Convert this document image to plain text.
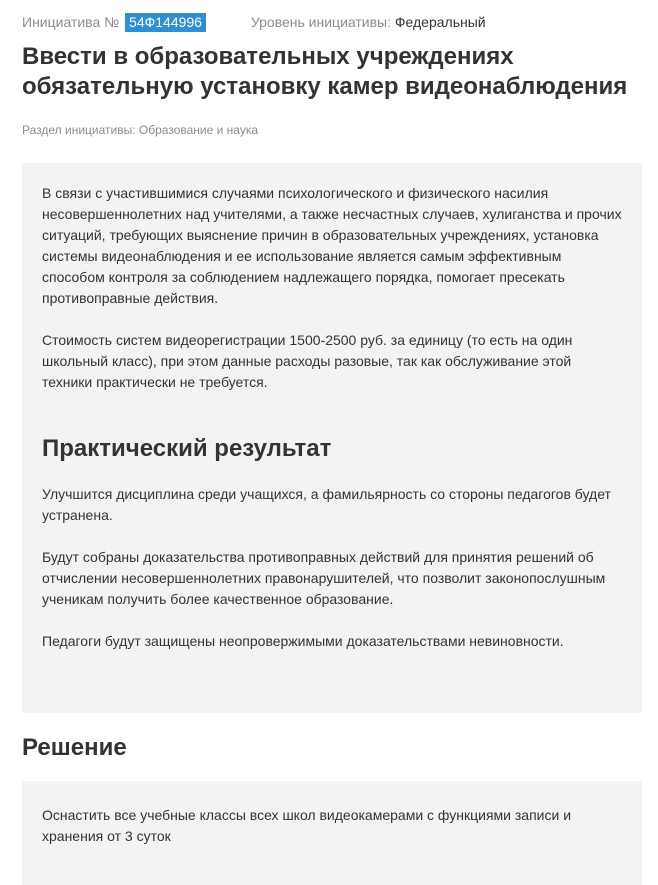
Инициатива № 54Ф144996	Уровень инициативы: Федеральный
Ввести в образовательных учреждениях обязательную установку камер видеонаблюдения
Раздел инициативы: Образование и наука

В связи с участившимися случаями психологического и физического насилия несовершеннолетних над учителями, а также несчастных случаев, хулиганства и прочих ситуаций, требующих выяснение причин в образовательных учреждениях, установка системы видеонаблюдения и ее использование является самым эффективным способом контроля за соблюдением надлежащего порядка, помогает пресекать противоправные действия.

Стоимость систем видеорегистрации 1500-2500 руб. за единицу (то есть на один школьный класс), при этом данные расходы разовые, так как обслуживание этой техники практически не требуется.

Практический результат

Улучшится дисциплина среди учащихся, а фамильярность со стороны педагогов будет устранена.

Будут собраны доказательства противоправных действий для принятия решений об отчислении несовершеннолетних правонарушителей, что позволит законопослушным ученикам получить более качественное образование.

Педагоги будут защищены неопровержимыми доказательствами невиновности.

Решение

Оснастить все учебные классы всех школ видеокамерами с функциями записи и хранения от 3 суток
